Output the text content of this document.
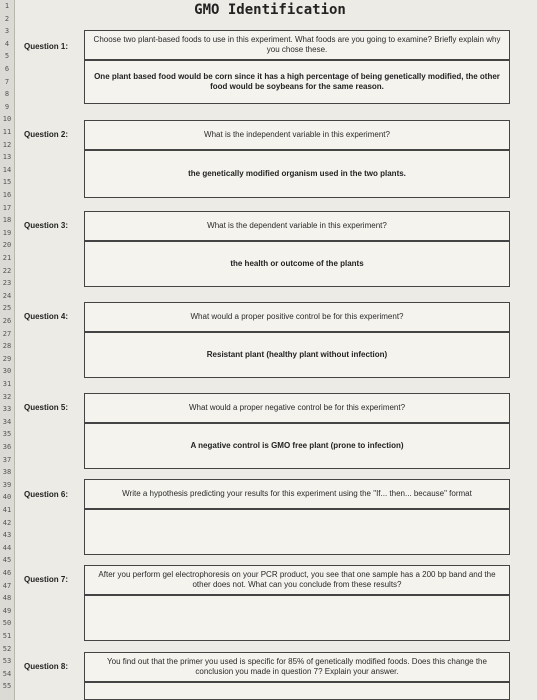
1
2
3
4
5
6
7
8
9
10
11
12
13
14
15
16
17
18
19
20
21
22
23
24
25
26
27
28
29
30
31
32
33
34
35
36
37
38
39
40
41
42
43
44
45
46
47
48
49
50
51
52
53
54
55
GMO Identification
Question 1:
Choose two plant-based foods to use in this experiment. What foods are you going to examine? Briefly explain why you chose these.
One plant based food would be corn since it has a high percentage of being genetically modified, the other food would be soybeans for the same reason.
Question 2:	What is the independent variable in this experiment?
the genetically modified organism used in the two plants.
Question 3:	What is the dependent variable in this experiment?
the health or outcome of the plants
Question 4:	What would a proper positive control be for this experiment?
Resistant plant (healthy plant without infection)
Question 5:	What would a proper negative control be for this experiment?
A negative control is GMO free plant (prone to infection)
Question 6:	Write a hypothesis predicting your results for this experiment using the "If... then... because" format
Question 7:
After you perform gel electrophoresis on your PCR product, you see that one sample has a 200 bp band and the other does not. What can you conclude from these results?
Question 8:
You find out that the primer you used is specific for 85% of genetically modified foods. Does this change the conclusion you made in question 7? Explain your answer.
